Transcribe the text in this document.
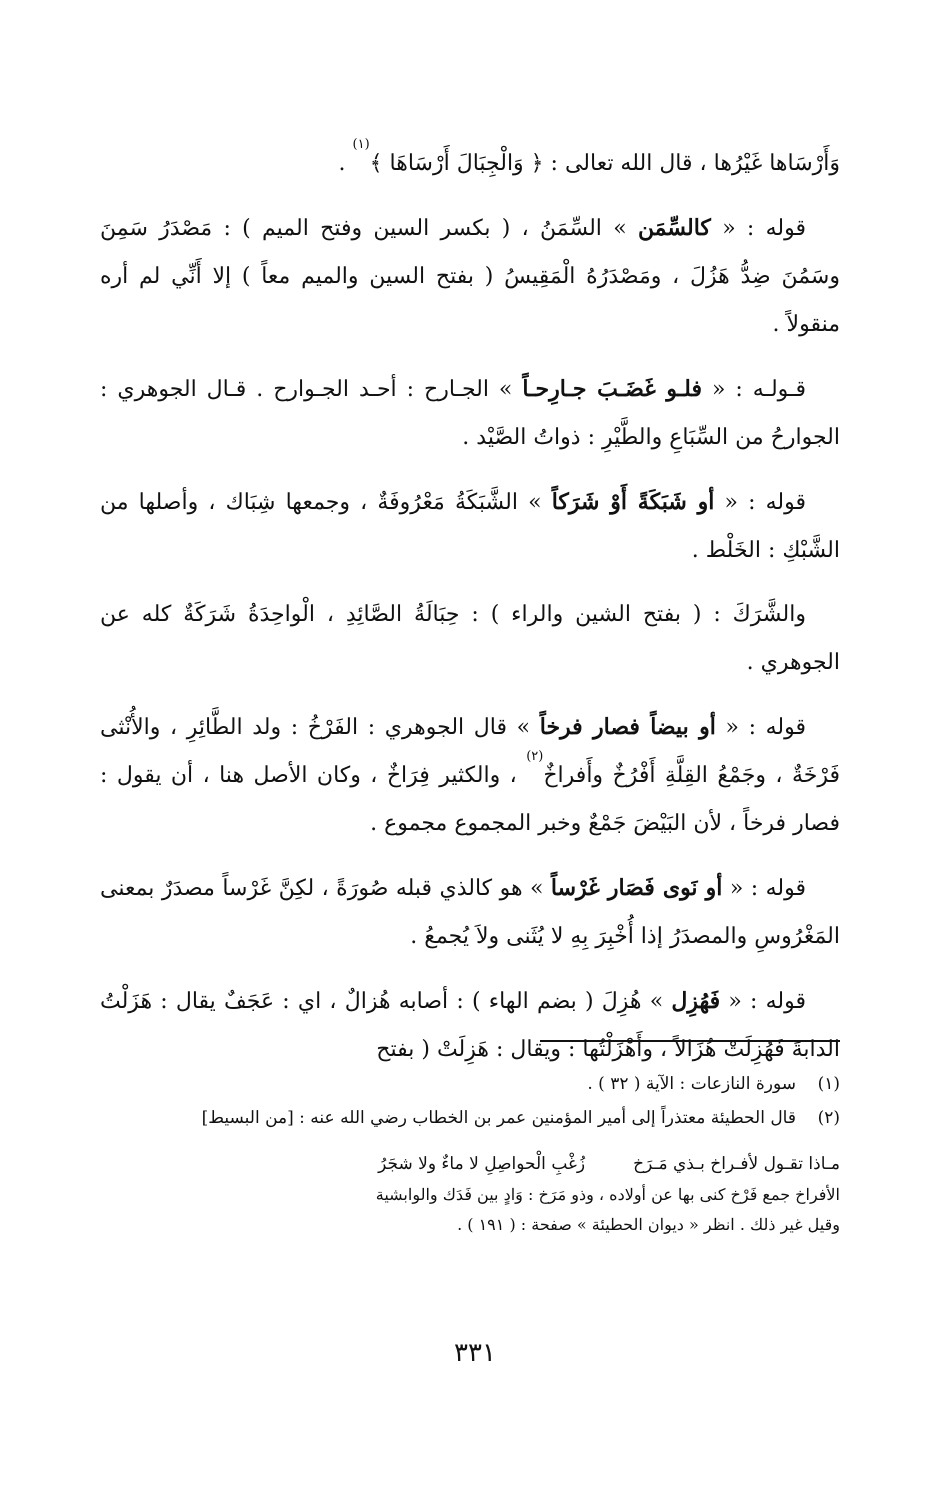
وَأَرْسَاها غَيْرُها ، قال الله تعالى : ﴿ وَالْجِبَالَ أَرْسَاهَا ﴾$^{(١)}$ .

قوله : « كالسِّمَن » السِّمَنُ ، ( بكسر السين وفتح الميم ) : مَصْدَرُ سَمِنَ وسَمُنَ ضِدُّ هَزُلَ ، ومَصْدَرُهُ الْمَقِيسُ ( بفتح السين والميم معاً ) إلا أَنِّي لم أره منقولاً .

قـولـه : « فلـو غَضَـبَ جـارِحـاً » الجـارح : أحـد الجـوارح . قـال الجوهري : الجوارحُ من السِّبَاعِ والطَّيْرِ : ذواتُ الصَّيْد .

قوله : « أو شَبَكَةً أَوْ شَرَكاً » الشَّبَكَةُ مَعْرُوفَةٌ ، وجمعها شِبَاك ، وأصلها من الشَّبْكِ : الخَلْط .

والشَّرَكَ : ( بفتح الشين والراء ) : حِبَالَةُ الصَّائِدِ ، الْواحِدَةُ شَرَكَةٌ كله عن الجوهري .

قوله : « أو بيضاً فصار فرخاً » قال الجوهري : الفَرْخُ : ولد الطَّائِرِ ، والأُنْثى فَرْخَةٌ ، وجَمْعُ القِلَّةِ أَفْرُخٌ وأَفراخٌ$^{(٢)}$ ، والكثير فِرَاخٌ ، وكان الأصل هنا ، أن يقول : فصار فرخاً ، لأن البَيْضَ جَمْعٌ وخبر المجموع مجموع .

قوله : « أو نَوى فَصَار غَرْساً » هو كالذي قبله صُورَةً ، لكِنَّ غَرْساً مصدَرٌ بمعنى المَغْرُوسِ والمصدَرُ إذا أُخْبِرَ بِهِ لا يُثَنى ولاَ يُجمعُ .

قوله : « فَهُزِل » هُزِلَ ( بضم الهاء ) : أصابه هُزالٌ ، اي : عَجَفٌ يقال : هَزَلْتُ الدابةَ فَهُزِلَتْ هُزَالاً ، وأَهْزَلْتُها : ويقال : هَزِلَتْ ( بفتح

(١)
سورة النازعات : الآية ( ٣٢ ) .
(٢)
قال الحطيئة معتذراً إلى أمير المؤمنين عمر بن الخطاب رضي الله عنه : [من البسيط]
مـاذا تقـول لأفـراخ بـذي مَـرَخ
زُغْبِ الْحواصِلِ لا ماءٌ ولا شجَرُ
الأفراخ جمع فَرْخ كنى بها عن أولاده ، وذو مَرَخ : وَادٍ بين فَدَك والوابشية
وقيل غير ذلك . انظر « ديوان الحطيئة » صفحة : ( ١٩١ ) .
٣٣١
